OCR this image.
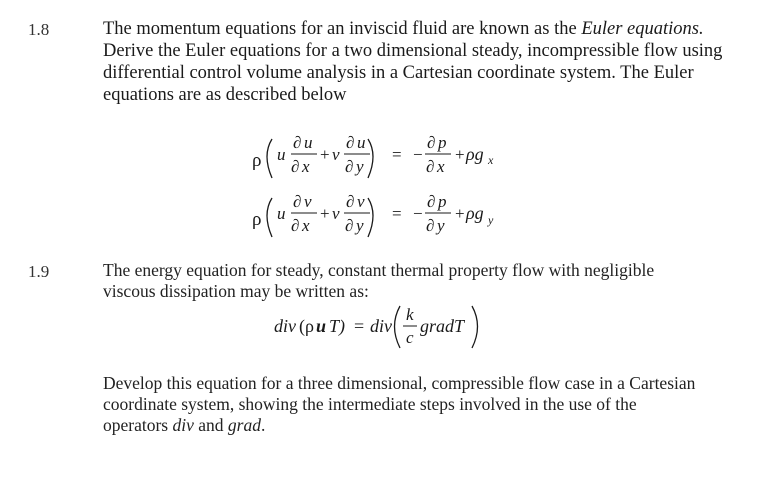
1.8	The momentum equations for an inviscid fluid are known as the Euler equations. Derive the Euler equations for a two dimensional steady, incompressible flow using differential control volume analysis in a Cartesian coordinate system. The Euler equations are as described below
ρ u
∂ u
∂ x
+ v
∂ u
∂ y
= −
∂ p
∂ x
+ ρg x
ρ u
∂ v
∂ x
+ v
∂ v
∂ y
= −
∂ p
∂ y
+ ρg y
1.9	The energy equation for steady, constant thermal property flow with negligible viscous dissipation may be written as:
div ( ρ u T) = div
k
c
gradT
Develop this equation for a three dimensional, compressible flow case in a Cartesian coordinate system, showing the intermediate steps involved in the use of the operators div and grad.
